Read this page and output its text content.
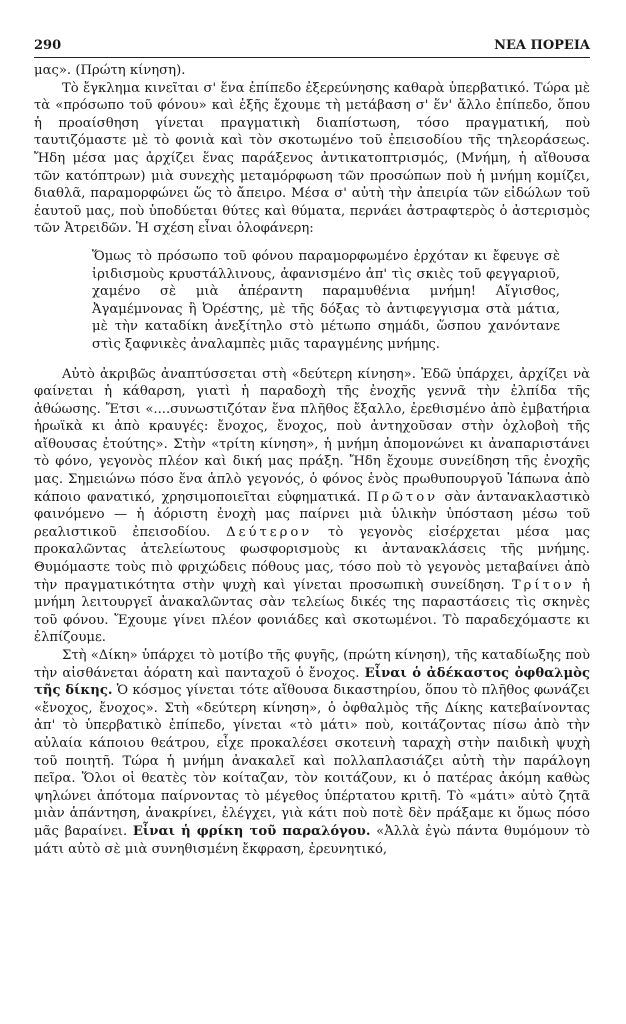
290	ΝΕΑ ΠΟΡΕΙΑ

μας». (Πρώτη κίνηση).

Τὸ ἔγκλημα κινεῖται σ' ἕνα ἐπίπεδο ἐξερεύνησης καθαρὰ ὑπερβατικό. Τώρα μὲ τὰ «πρόσωπο τοῦ φόνου» καὶ ἑξῆς ἔχουμε τὴ μετάβαση σ' ἕν' ἄλλο ἐπίπεδο, ὅπου ἡ προαίσθηση γίνεται πραγματικὴ διαπίστωση, τόσο πραγματική, ποὺ ταυτιζόμαστε μὲ τὸ φονιὰ καὶ τὸν σκοτωμένο τοῦ ἐπεισοδίου τῆς τηλεοράσεως. Ἤδη μέσα μας ἀρχίζει ἕνας παράξενος ἀντικατοπτρισμός, (Μνήμη, ἡ αἴθουσα τῶν κατόπτρων) μιὰ συνεχὴς μεταμόρφωση τῶν προσώπων ποὺ ἡ μνήμη κομίζει, διαθλᾶ, παραμορφώνει ὥς τὸ ἄπειρο. Μέσα σ' αὐτὴ τὴν ἀπειρία τῶν εἰδώλων τοῦ ἑαυτοῦ μας, ποὺ ὑποδύεται θύτες καὶ θύματα, περνάει ἀστραφτερὸς ὁ ἀστερισμὸς τῶν Ἀτρειδῶν. Ἡ σχέση εἶναι ὁλοφάνερη:

Ὅμως τὸ πρόσωπο τοῦ φόνου παραμορφωμένο ἐρχόταν κι ἔφευγε σὲ ἰριδισμοὺς κρυστάλλινους, ἀφανισμένο ἀπ' τὶς σκιὲς τοῦ φεγγαριοῦ, χαμένο σὲ μιὰ ἀπέραντη παραμυθένια μνήμη! Αἴγισθος, Ἀγαμέμνονας ἢ Ὀρέστης, μὲ τῆς δόξας τὸ ἀντιφεγγισμα στὰ μάτια, μὲ τὴν καταδίκη ἀνεξίτηλο στὸ μέτωπο σημάδι, ὥσπου χανόντανε στὶς ξαφνικὲς ἀναλαμπὲς μιᾶς ταραγμένης μνήμης.

Αὐτὸ ἀκριβῶς ἀναπτύσσεται στὴ «δεύτερη κίνηση». Ἐδῶ ὑπάρχει, ἀρχίζει νὰ φαίνεται ἡ κάθαρση, γιατὶ ἡ παραδοχὴ τῆς ἐνοχῆς γεννᾶ τὴν ἐλπίδα τῆς ἀθώωσης. Ἔτσι «....συνωστιζόταν ἕνα πλῆθος ἔξαλλο, ἐρεθισμένο ἀπὸ ἐμβατήρια ἡρωϊκὰ κι ἀπὸ κραυγές: ἔνοχος, ἔνοχος, ποὺ ἀντηχοῦσαν στὴν ὀχλοβοὴ τῆς αἴθουσας ἐτούτης». Στὴν «τρίτη κίνηση», ἡ μνήμη ἀπομονώνει κι ἀναπαριστάνει τὸ φόνο, γεγονὸς πλέον καὶ δική μας πράξη. Ἤδη ἔχουμε συνείδηση τῆς ἐνοχῆς μας. Σημειώνω πόσο ἕνα ἁπλὸ γεγονός, ὁ φόνος ἑνὸς πρωθυπουργοῦ Ἰάπωνα ἀπὸ κάποιο φανατικό, χρησιμοποιεῖται εὐφηματικά. Πρῶτον σὰν ἀντανακλαστικὸ φαινόμενο — ἡ ἀόριστη ἐνοχὴ μας παίρνει μιὰ ὑλικὴν ὑπόσταση μέσω τοῦ ρεαλιστικοῦ ἐπεισοδίου. Δεύτερον τὸ γεγονὸς εἰσέρχεται μέσα μας προκαλῶντας ἀτελείωτους φωσφορισμοὺς κι ἀντανακλάσεις τῆς μνήμης. Θυμόμαστε τοὺς πιὸ φριχώδεις πόθους μας, τόσο ποὺ τὸ γεγονὸς μεταβαίνει ἀπὸ τὴν πραγματικότητα στὴν ψυχὴ καὶ γίνεται προσωπικὴ συνείδηση. Τρίτον ἡ μνήμη λειτουργεῖ ἀνακαλῶντας σὰν τελείως δικές της παραστάσεις τὶς σκηνὲς τοῦ φόνου. Ἔχουμε γίνει πλέον φονιάδες καὶ σκοτωμένοι. Τὸ παραδεχόμαστε κι ἐλπίζουμε.

Στὴ «Δίκη» ὑπάρχει τὸ μοτίβο τῆς φυγῆς, (πρώτη κίνηση), τῆς καταδίωξης ποὺ τὴν αἰσθάνεται ἀόρατη καὶ πανταχοῦ ὁ ἔνοχος. Εἶναι ὁ ἀδέκαστος ὀφθαλμὸς τῆς δίκης. Ὁ κόσμος γίνεται τότε αἴθουσα δικαστηρίου, ὅπου τὸ πλῆθος φωνάζει «ἔνοχος, ἔνοχος». Στὴ «δεύτερη κίνηση», ὁ ὀφθαλμὸς τῆς Δίκης κατεβαίνοντας ἀπ' τὸ ὑπερβατικὸ ἐπίπεδο, γίνεται «τὸ μάτι» ποὺ, κοιτάζοντας πίσω ἀπὸ τὴν αὐλαία κάποιου θεάτρου, εἶχε προκαλέσει σκοτεινὴ ταραχὴ στὴν παιδικὴ ψυχὴ τοῦ ποιητῆ. Τώρα ἡ μνήμη ἀνακαλεῖ καὶ πολλαπλασιάζει αὐτὴ τὴν παράλογη πεῖρα. Ὅλοι οἱ θεατὲς τὸν κοίταζαν, τὸν κοιτάζουν, κι ὁ πατέρας ἀκόμη καθὼς ψηλώνει ἀπότομα παίρνοντας τὸ μέγεθος ὑπέρτατου κριτῆ. Τὸ «μάτι» αὐτὸ ζητᾶ μιὰν ἀπάντηση, ἀνακρίνει, ἐλέγχει, γιὰ κάτι ποὺ ποτὲ δὲν πράξαμε κι ὅμως πόσο μᾶς βαραίνει. Εἶναι ἡ φρίκη τοῦ παραλόγου. «Ἀλλὰ ἐγὼ πάντα θυμόμουν τὸ μάτι αὐτὸ σὲ μιὰ συνηθισμένη ἔκφραση, ἐρευνητικό,
